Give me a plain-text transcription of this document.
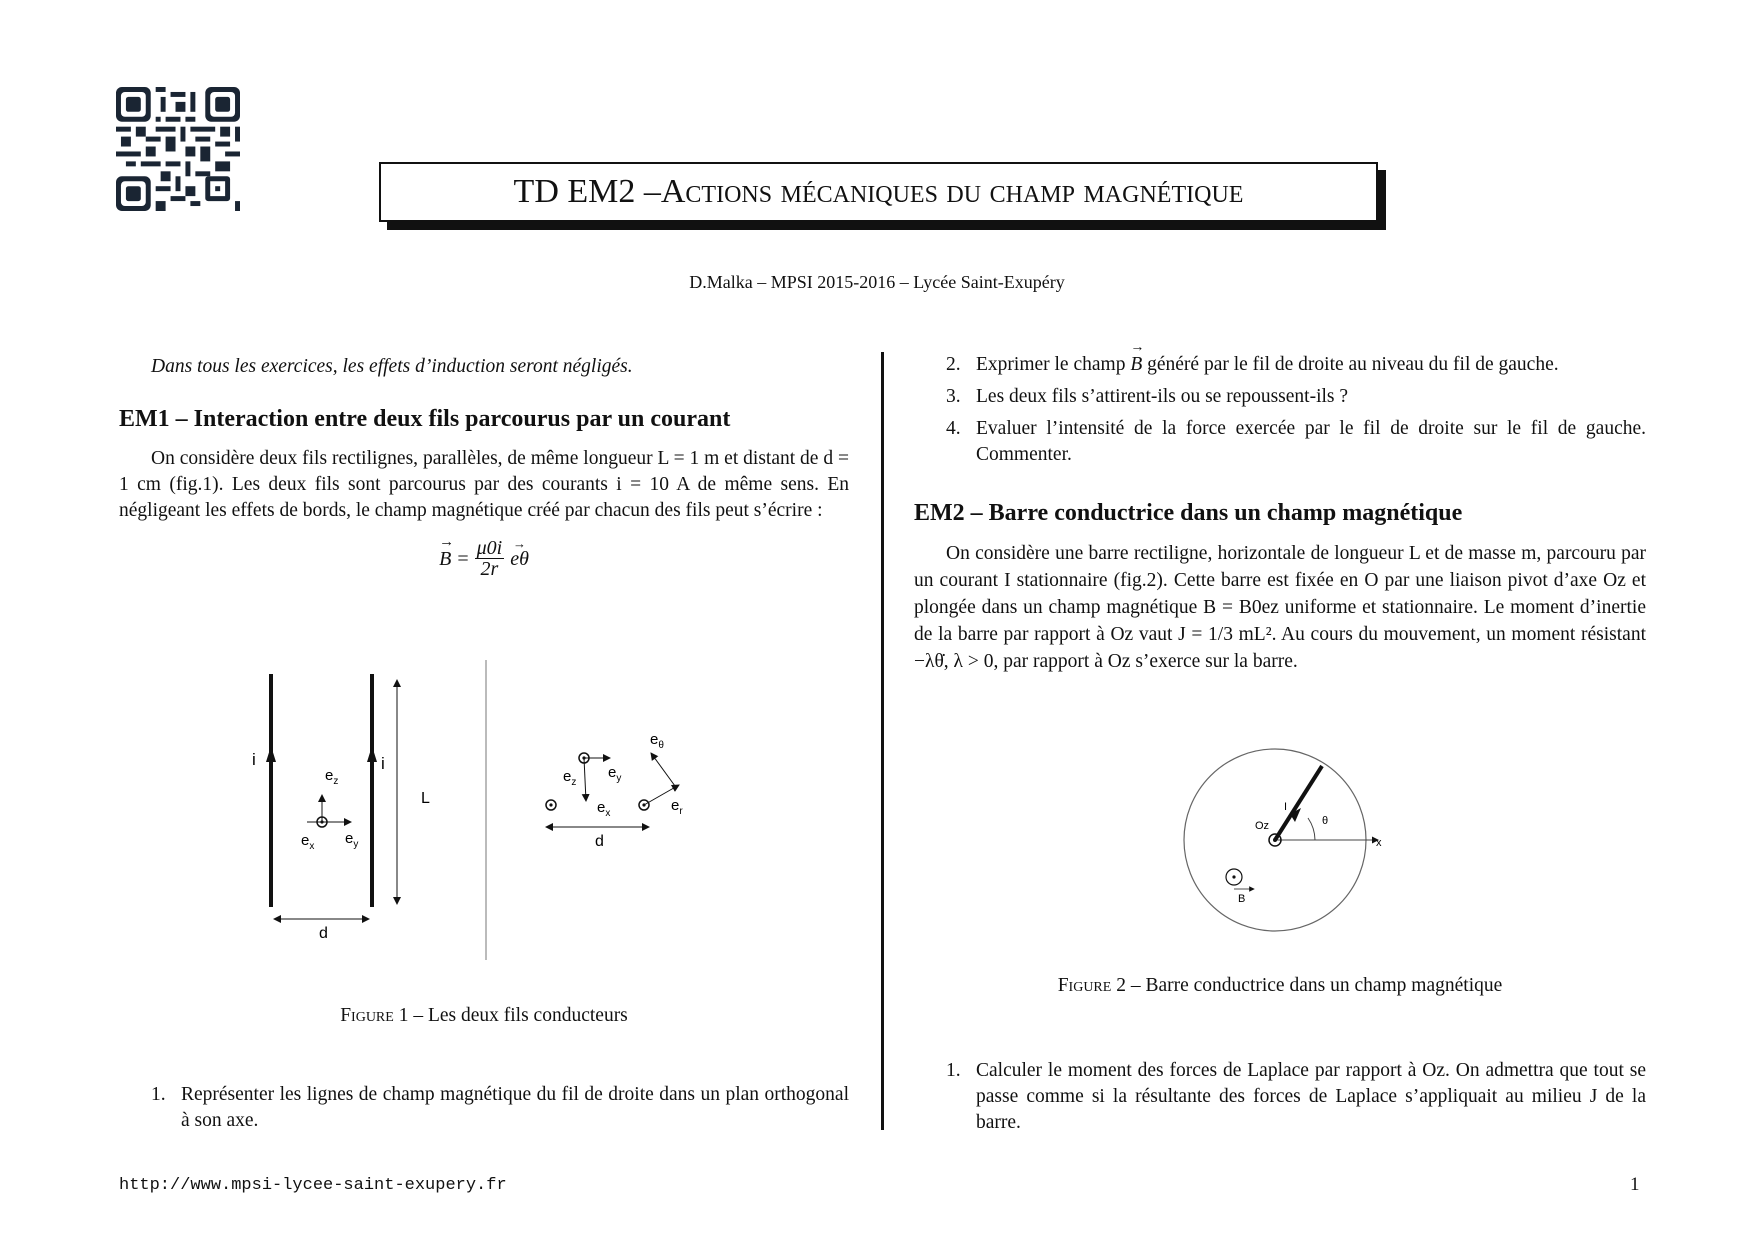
TD EM2 – Actions mécaniques du champ magnétique
D.Malka – MPSI 2015-2016 – Lycée Saint-Exupéry
Dans tous les exercices, les effets d’induction seront négligés.
EM1 – Interaction entre deux fils parcourus par un courant
On considère deux fils rectilignes, parallèles, de même longueur L = 1 m et distant de d = 1 cm (fig.1). Les deux fils sont parcourus par des courants i = 10 A de même sens. En négligeant les effets de bords, le champ magnétique créé par chacun des fils peut s’écrire :
→
$B = \frac{\mu 0i}{2r}$ →
eθ
i	i
L
d
$e_z$
$e_x$ $e_y$
$e_z$
$e_y$
$e_x$
$e_\theta$
$e_r$
d
Figure 1 – Les deux fils conducteurs
1. Représenter les lignes de champ magnétique du fil de droite dans un plan orthogonal à son axe.
2. Exprimer le champ
→
B généré par le fil de droite au niveau du fil de gauche.
3. Les deux fils s’attirent-ils ou se repoussent-ils ?
4. Evaluer l’intensité de la force exercée par le fil de droite sur le fil de gauche. Commenter.
EM2 – Barre conductrice dans un champ magnétique
On considère une barre rectiligne, horizontale de longueur L et de masse m, parcouru par un courant I stationnaire (fig.2). Cette barre est fixée en O par une liaison pivot d’axe Oz et plongée dans un champ magnétique B = B0ez uniforme et stationnaire. Le moment d’inertie de la barre par rapport à Oz vaut J = 1/3 mL². Au cours du mouvement, un moment résistant −λθ̇, λ > 0, par rapport à Oz s’exerce sur la barre.
I
θ
Oz
x
B
Figure 2 – Barre conductrice dans un champ magnétique
1. Calculer le moment des forces de Laplace par rapport à Oz. On admettra que tout se passe comme si la résultante des forces de Laplace s’appliquait au milieu J de la barre.
http://www.mpsi-lycee-saint-exupery.fr	1
